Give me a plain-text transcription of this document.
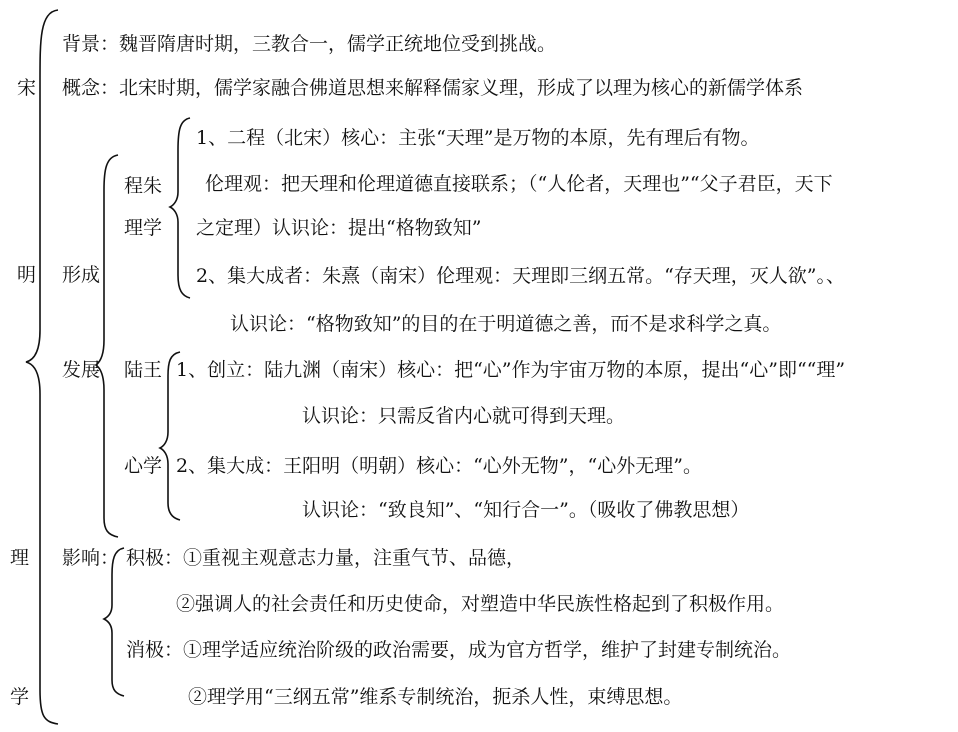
宋
明
理
学
背景：魏晋隋唐时期，三教合一，儒学正统地位受到挑战。
概念：北宋时期，儒学家融合佛道思想来解释儒家义理，形成了以理为核心的新儒学体系
形成
发展
程朱
理学
1、二程（北宋）核心：主张“天理”是万物的本原，先有理后有物。
伦理观：把天理和伦理道德直接联系；（“人伦者，天理也”“父子君臣，天下
之定理）认识论：提出“格物致知”
2、集大成者：朱熹（南宋）伦理观：天理即三纲五常。“存天理，灭人欲”。、
认识论：“格物致知”的目的在于明道德之善，而不是求科学之真。
陆王
心学
1、创立：陆九渊（南宋）核心：把“心”作为宇宙万物的本原，提出“心”即““理”
认识论：只需反省内心就可得到天理。
2、集大成：王阳明（明朝）核心：“心外无物”，“心外无理”。
认识论：“致良知”、“知行合一”。（吸收了佛教思想）
影响： 积极：①重视主观意志力量，注重气节、品德，
②强调人的社会责任和历史使命，对塑造中华民族性格起到了积极作用。
消极：①理学适应统治阶级的政治需要，成为官方哲学，维护了封建专制统治。
②理学用“三纲五常”维系专制统治，扼杀人性，束缚思想。
